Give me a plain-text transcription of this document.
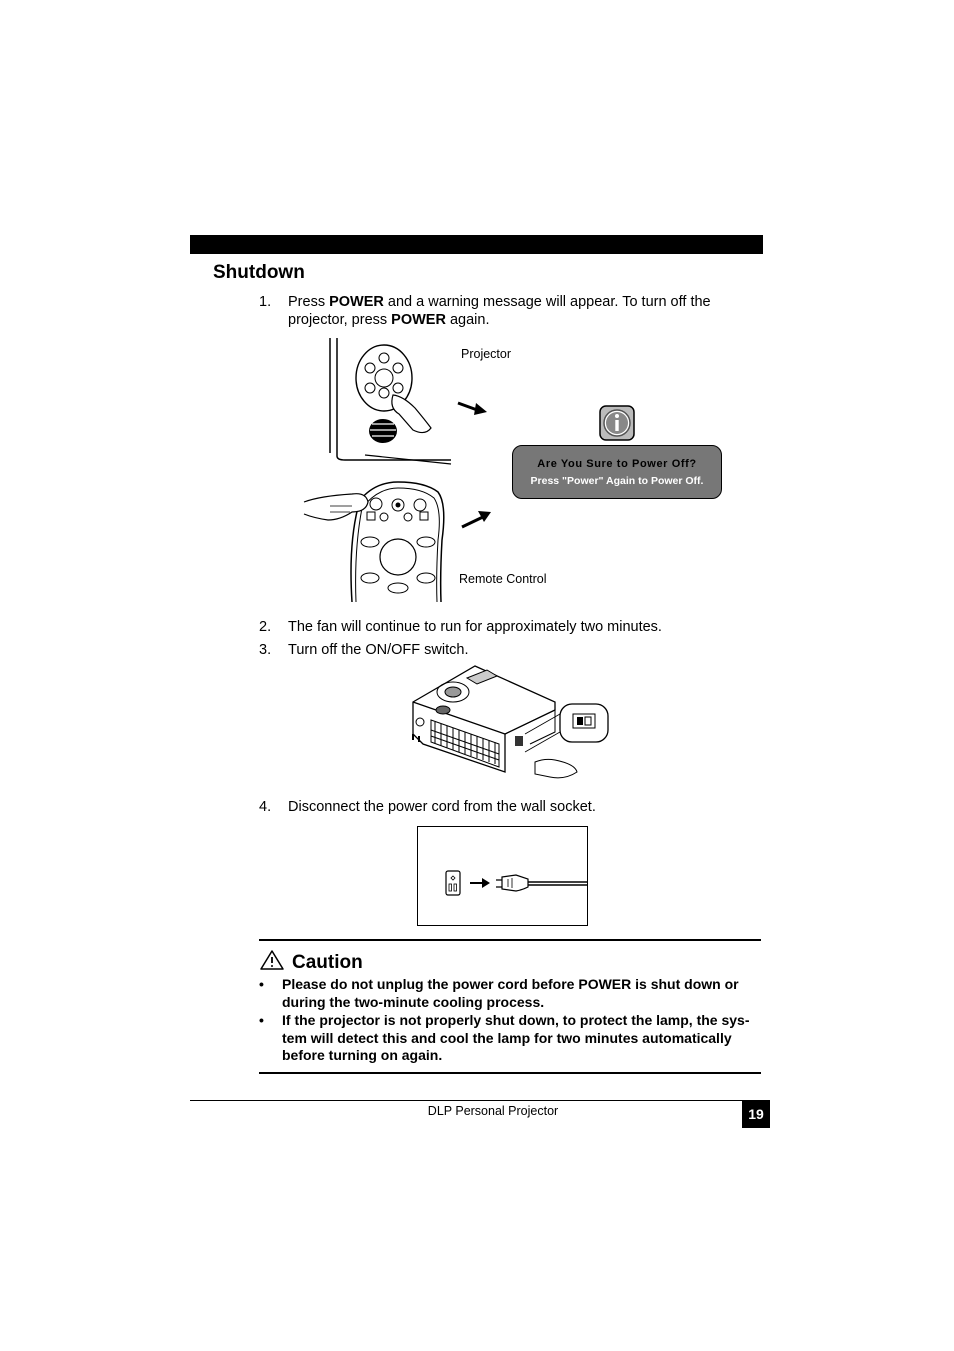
Shutdown
1. Press POWER and a warning message will appear. To turn off the
projector, press POWER again.
Are You Sure to Power Off?
Press "Power" Again to Power Off.
Projector
Remote Control
2. The fan will continue to run for approximately two minutes.
3. Turn off the ON/OFF switch.
4. Disconnect the power cord from the wall socket.
Caution
• Please do not unplug the power cord before POWER is shut down or
during the two-minute cooling process.
• If the projector is not properly shut down, to protect the lamp, the sys-
tem will detect this and cool the lamp for two minutes automatically
before turning on again.
DLP Personal Projector	19
